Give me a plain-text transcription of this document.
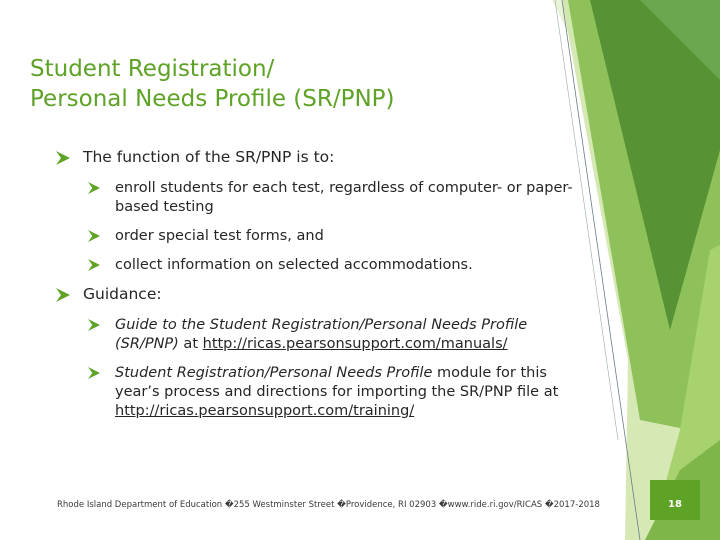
Student Registration/
Personal Needs Profile (SR/PNP)
The function of the SR/PNP is to:
enroll students for each test, regardless of computer- or paper-based testing
order special test forms, and
collect information on selected accommodations.
Guidance:
Guide to the Student Registration/Personal Needs Profile (SR/PNP) at http://ricas.pearsonsupport.com/manuals/
Student Registration/Personal Needs Profile module for this year’s process and directions for importing the SR/PNP file at http://ricas.pearsonsupport.com/training/
Rhode Island Department of Education �255 Westminster Street �Providence, RI 02903 �www.ride.ri.gov/RICAS �2017-2018	18
